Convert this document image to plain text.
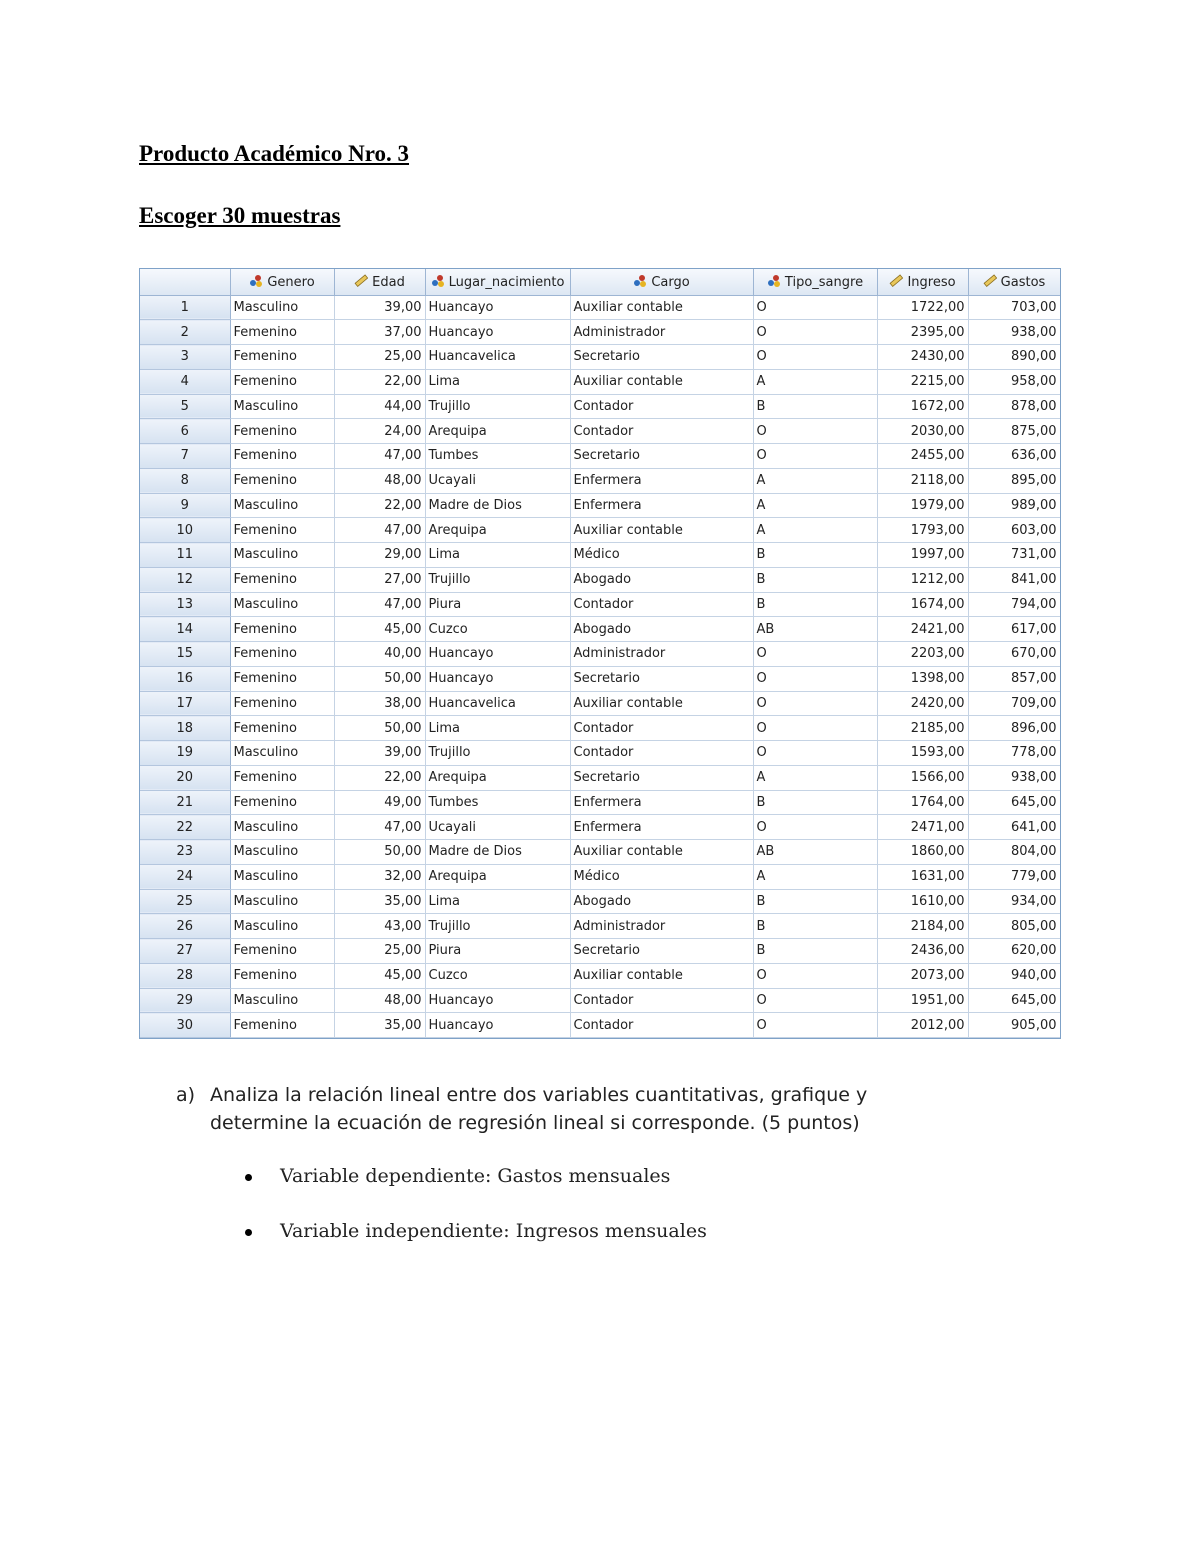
Producto Académico Nro. 3
Escoger 30 muestras
	Genero	Edad	Lugar_nacimiento	Cargo	Tipo_sangre	Ingreso	Gastos
1	Masculino	39,00	Huancayo	Auxiliar contable	O	1722,00	703,00
2	Femenino	37,00	Huancayo	Administrador	O	2395,00	938,00
3	Femenino	25,00	Huancavelica	Secretario	O	2430,00	890,00
4	Femenino	22,00	Lima	Auxiliar contable	A	2215,00	958,00
5	Masculino	44,00	Trujillo	Contador	B	1672,00	878,00
6	Femenino	24,00	Arequipa	Contador	O	2030,00	875,00
7	Femenino	47,00	Tumbes	Secretario	O	2455,00	636,00
8	Femenino	48,00	Ucayali	Enfermera	A	2118,00	895,00
9	Masculino	22,00	Madre de Dios	Enfermera	A	1979,00	989,00
10	Femenino	47,00	Arequipa	Auxiliar contable	A	1793,00	603,00
11	Masculino	29,00	Lima	Médico	B	1997,00	731,00
12	Femenino	27,00	Trujillo	Abogado	B	1212,00	841,00
13	Masculino	47,00	Piura	Contador	B	1674,00	794,00
14	Femenino	45,00	Cuzco	Abogado	AB	2421,00	617,00
15	Femenino	40,00	Huancayo	Administrador	O	2203,00	670,00
16	Femenino	50,00	Huancayo	Secretario	O	1398,00	857,00
17	Femenino	38,00	Huancavelica	Auxiliar contable	O	2420,00	709,00
18	Femenino	50,00	Lima	Contador	O	2185,00	896,00
19	Masculino	39,00	Trujillo	Contador	O	1593,00	778,00
20	Femenino	22,00	Arequipa	Secretario	A	1566,00	938,00
21	Femenino	49,00	Tumbes	Enfermera	B	1764,00	645,00
22	Masculino	47,00	Ucayali	Enfermera	O	2471,00	641,00
23	Masculino	50,00	Madre de Dios	Auxiliar contable	AB	1860,00	804,00
24	Masculino	32,00	Arequipa	Médico	A	1631,00	779,00
25	Masculino	35,00	Lima	Abogado	B	1610,00	934,00
26	Masculino	43,00	Trujillo	Administrador	B	2184,00	805,00
27	Femenino	25,00	Piura	Secretario	B	2436,00	620,00
28	Femenino	45,00	Cuzco	Auxiliar contable	O	2073,00	940,00
29	Masculino	48,00	Huancayo	Contador	O	1951,00	645,00
30	Femenino	35,00	Huancayo	Contador	O	2012,00	905,00
a) Analiza la relación lineal entre dos variables cuantitativas, grafique y
determine la ecuación de regresión lineal si corresponde. (5 puntos)
Variable dependiente: Gastos mensuales
Variable independiente: Ingresos mensuales
